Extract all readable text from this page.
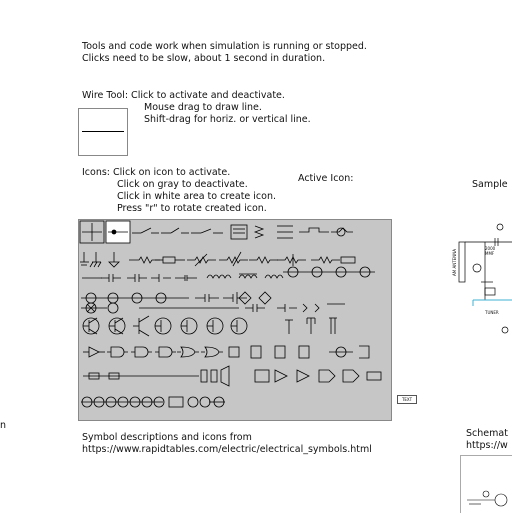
Tools and code work when simulation is running or stopped.
Clicks need to be slow, about 1 second in duration.
Wire Tool: Click to activate and deactivate.
Mouse drag to draw line.
Shift-drag for horiz. or vertical line.
Icons: Click on icon to activate.
Click on gray to deactivate.
Click in white area to create icon.
Press "r" to rotate created icon.
Active Icon:
Sample
TEXT
Symbol descriptions and icons from
https://www.rapidtables.com/electric/electrical_symbols.html
n
2000
MMF
TUNER
AM ANTENNA
Schemat
https://w
